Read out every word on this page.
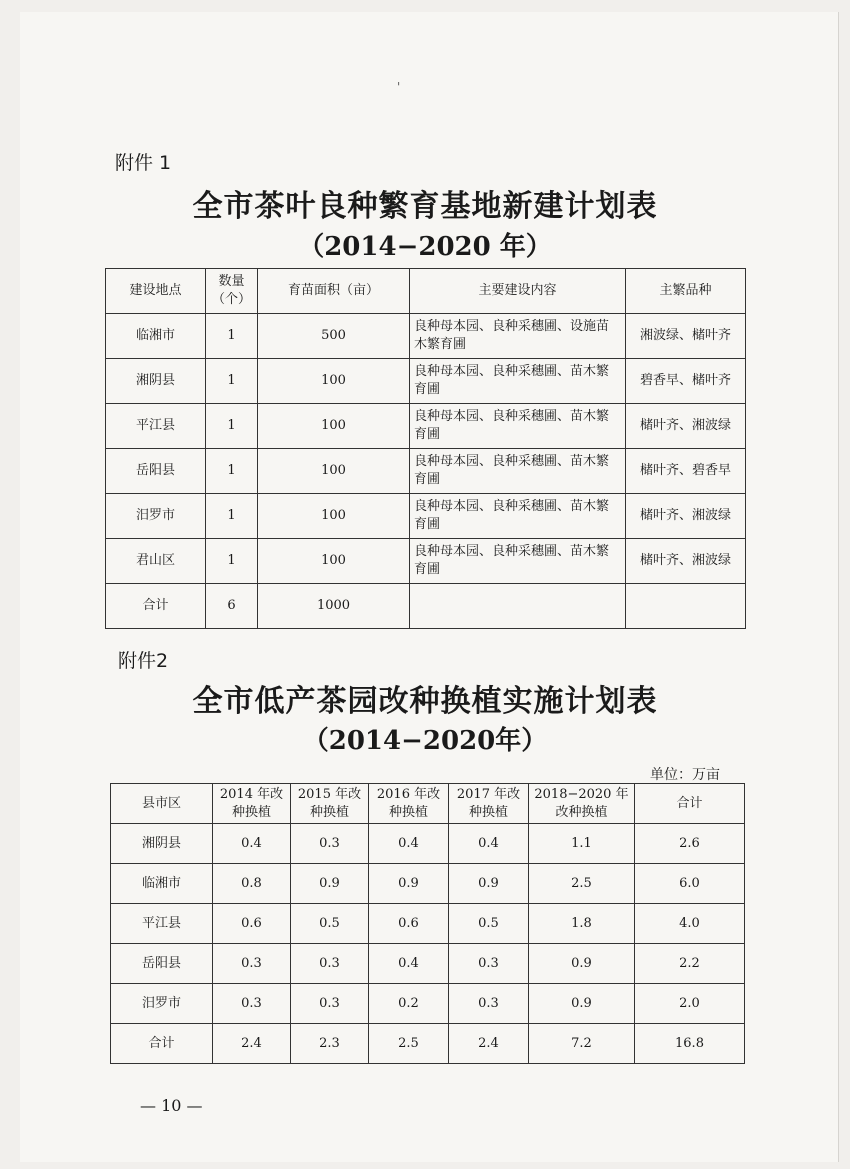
'
附件 1
全市茶叶良种繁育基地新建计划表
（2014−2020 年）
建设地点	数量（个）	育苗面积（亩）	主要建设内容	主繁品种
临湘市	1	500	良种母本园、良种采穗圃、设施苗木繁育圃	湘波绿、槠叶齐
湘阴县	1	100	良种母本园、良种采穗圃、苗木繁育圃	碧香早、槠叶齐
平江县	1	100	良种母本园、良种采穗圃、苗木繁育圃	槠叶齐、湘波绿
岳阳县	1	100	良种母本园、良种采穗圃、苗木繁育圃	槠叶齐、碧香早
汨罗市	1	100	良种母本园、良种采穗圃、苗木繁育圃	槠叶齐、湘波绿
君山区	1	100	良种母本园、良种采穗圃、苗木繁育圃	槠叶齐、湘波绿
合计	6	1000		
附件2
全市低产茶园改种换植实施计划表
（2014−2020年）
单位：万亩
县市区	2014 年改种换植	2015 年改种换植	2016 年改种换植	2017 年改种换植	2018−2020 年改种换植	合计
湘阴县	0.4	0.3	0.4	0.4	1.1	2.6
临湘市	0.8	0.9	0.9	0.9	2.5	6.0
平江县	0.6	0.5	0.6	0.5	1.8	4.0
岳阳县	0.3	0.3	0.4	0.3	0.9	2.2
汨罗市	0.3	0.3	0.2	0.3	0.9	2.0
合计	2.4	2.3	2.5	2.4	7.2	16.8
— 10 —
